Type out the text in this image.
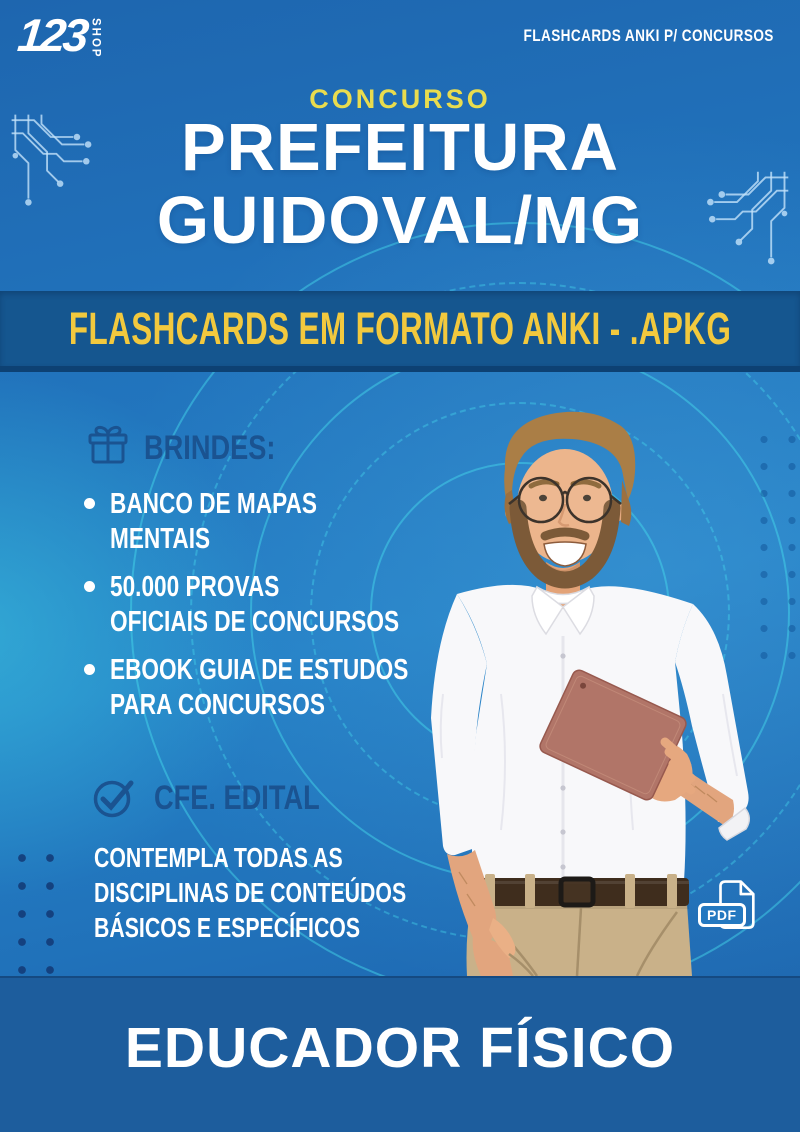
123 SHOP	FLASHCARDS ANKI P/ CONCURSOS
CONCURSO
PREFEITURA
GUIDOVAL/MG
FLASHCARDS EM FORMATO ANKI - .APKG
BRINDES:
BANCO DE MAPAS
MENTAIS
50.000 PROVAS
OFICIAIS DE CONCURSOS
EBOOK GUIA DE ESTUDOS
PARA CONCURSOS
CFE. EDITAL
CONTEMPLA TODAS AS
DISCIPLINAS DE CONTEÚDOS
BÁSICOS E ESPECÍFICOS	PDF
EDUCADOR FÍSICO
